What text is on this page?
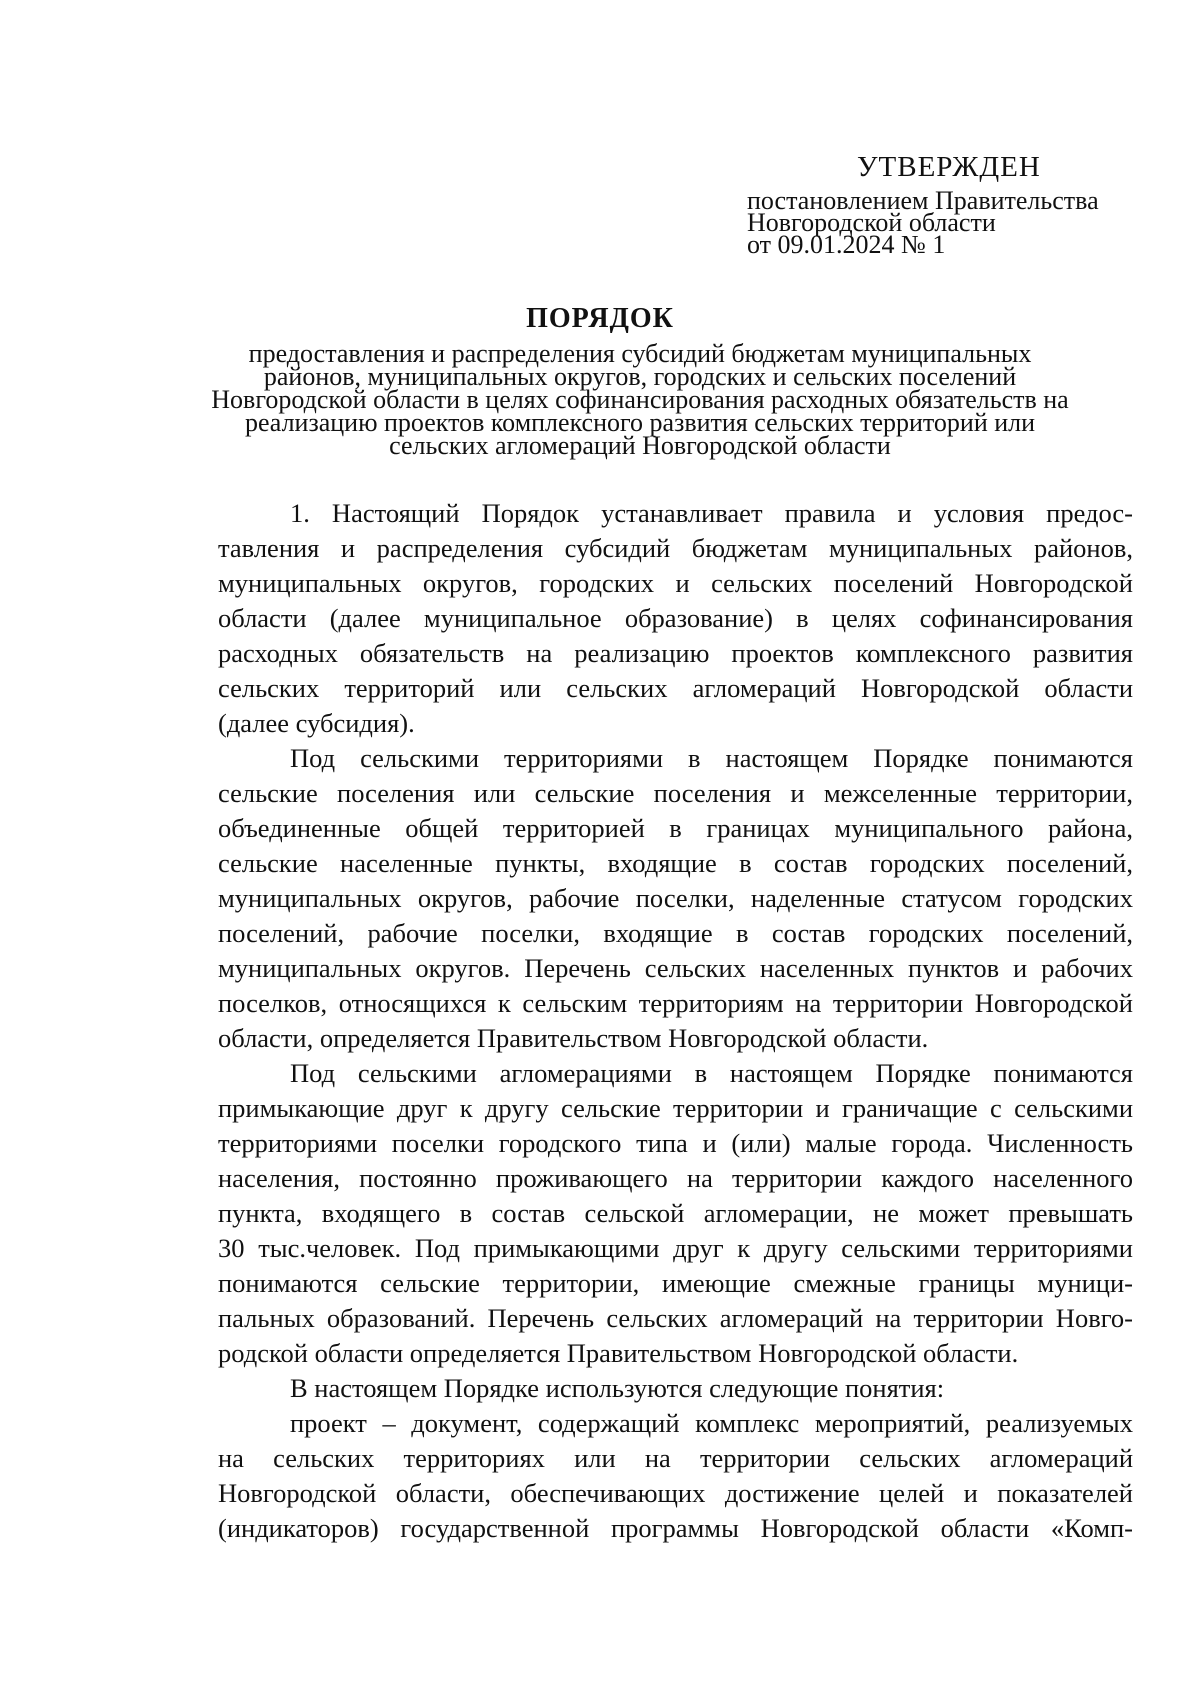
УТВЕРЖДЕН
постановлением Правительства
Новгородской области
от 09.01.2024 № 1
ПОРЯДОК
предоставления и распределения субсидий бюджетам муниципальных
районов, муниципальных округов, городских и сельских поселений
Новгородской области в целях софинансирования расходных обязательств на
реализацию проектов комплексного развития сельских территорий или
сельских агломераций Новгородской области
1. Настоящий Порядок устанавливает правила и условия предос-
тавления и распределения субсидий бюджетам муниципальных районов,
муниципальных округов, городских и сельских поселений Новгородской
области (далее муниципальное образование) в целях софинансирования
расходных обязательств на реализацию проектов комплексного развития
сельских территорий или сельских агломераций Новгородской области
(далее субсидия).
Под сельскими территориями в настоящем Порядке понимаются
сельские поселения или сельские поселения и межселенные территории,
объединенные общей территорией в границах муниципального района,
сельские населенные пункты, входящие в состав городских поселений,
муниципальных округов, рабочие поселки, наделенные статусом городских
поселений, рабочие поселки, входящие в состав городских поселений,
муниципальных округов. Перечень сельских населенных пунктов и рабочих
поселков, относящихся к сельским территориям на территории Новгородской
области, определяется Правительством Новгородской области.
Под сельскими агломерациями в настоящем Порядке понимаются
примыкающие друг к другу сельские территории и граничащие с сельскими
территориями поселки городского типа и (или) малые города. Численность
населения, постоянно проживающего на территории каждого населенного
пункта, входящего в состав сельской агломерации, не может превышать
30 тыс.человек. Под примыкающими друг к другу сельскими территориями
понимаются сельские территории, имеющие смежные границы муници-
пальных образований. Перечень сельских агломераций на территории Новго-
родской области определяется Правительством Новгородской области.
В настоящем Порядке используются следующие понятия:
проект – документ, содержащий комплекс мероприятий, реализуемых
на сельских территориях или на территории сельских агломераций
Новгородской области, обеспечивающих достижение целей и показателей
(индикаторов) государственной программы Новгородской области «Комп-
